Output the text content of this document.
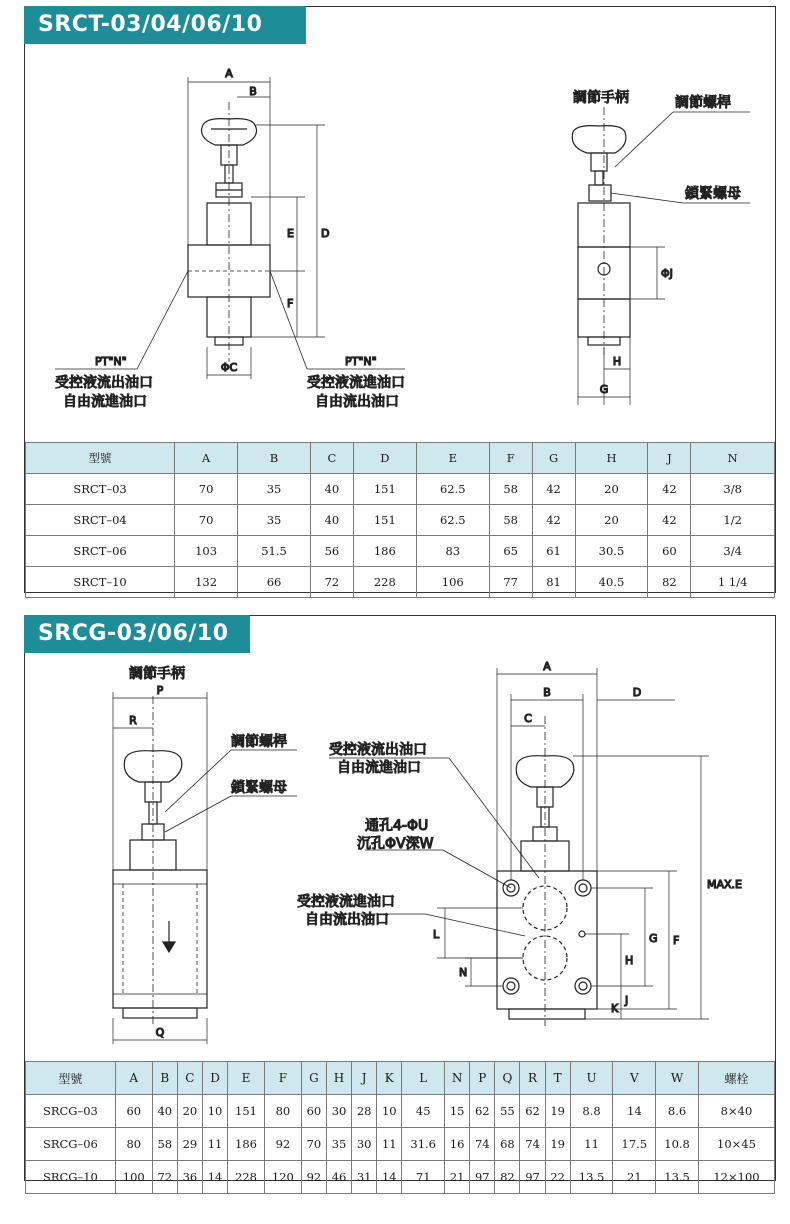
SRCT-03/04/06/10
A
B
ΦC
D
E
F
G
H
ΦJ
調節手柄	調節螺桿
鎖緊螺母
PT"N"
受控液流出油口
自由流進油口
PT"N"
受控液流進油口
自由流出油口
型號	A	B	C	D	E	F	G	H	J	N
SRCT–03	70	35	40	151	62.5	58	42	20	42	3/8
SRCT–04	70	35	40	151	62.5	58	42	20	42	1/2
SRCT–06	103	51.5	56	186	83	65	61	30.5	60	3/4
SRCT–10	132	66	72	228	106	77	81	40.5	82	1 1/4
SRCG-03/06/10
P
R
Q
A
B
C
D
MAX.E
F
G
H
J
K
L
N
調節手柄
調節螺桿
鎖緊螺母
受控液流出油口
自由流進油口
通孔4-ΦU
沉孔ΦV深W
受控液流進油口
自由流出油口
型號	A	B	C	D	E	F	G	H	J	K	L	N	P	Q	R	T	U	V	W	螺栓
SRCG–03	60	40	20	10	151	80	60	30	28	10	45	15	62	55	62	19	8.8	14	8.6	8×40
SRCG–06	80	58	29	11	186	92	70	35	30	11	31.6	16	74	68	74	19	11	17.5	10.8	10×45
SRCG–10	100	72	36	14	228	120	92	46	31	14	71	21	97	82	97	22	13.5	21	13.5	12×100
